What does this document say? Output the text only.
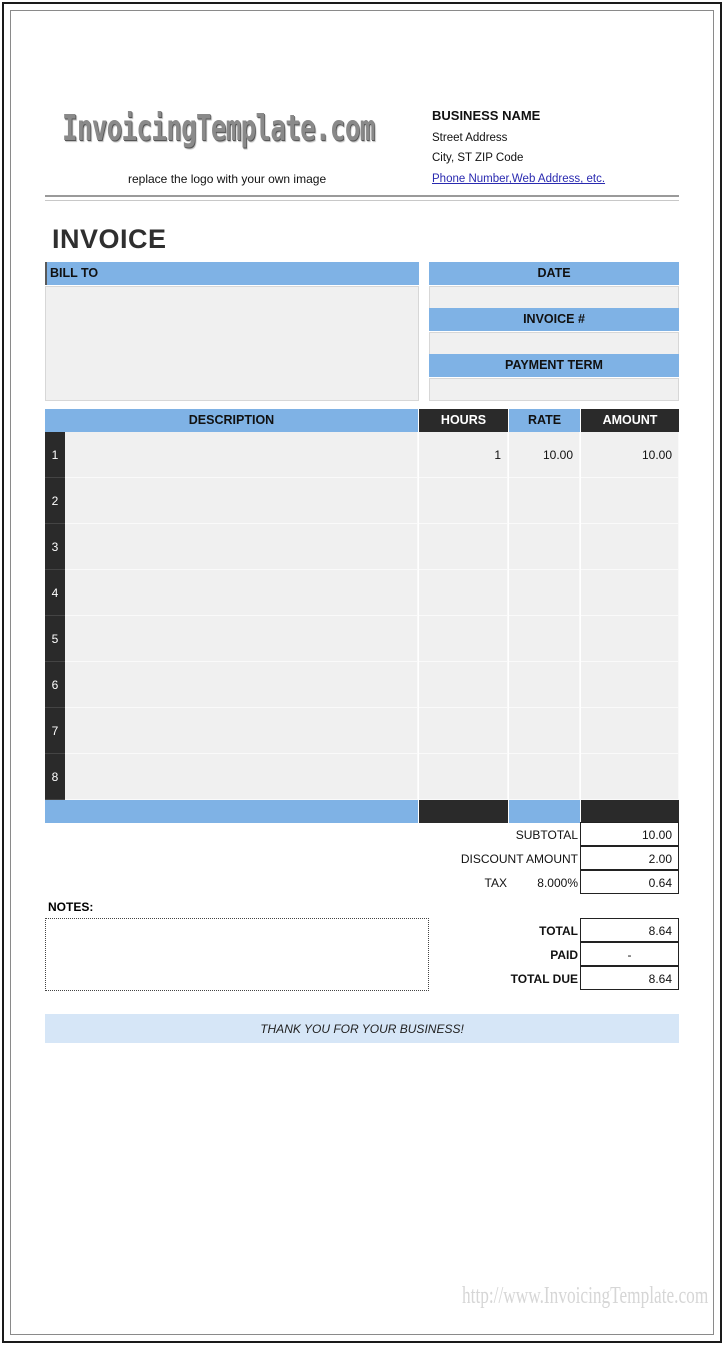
InvoicingTemplate.com
replace the logo with your own image
BUSINESS NAME
Street Address
City, ST ZIP Code
Phone Number,Web Address, etc.
INVOICE
BILL TO	DATE
INVOICE #
PAYMENT TERM
DESCRIPTION	HOURS	RATE	AMOUNT
1	1	10.00	10.00
2
3
4
5
6
7
8
SUBTOTAL	10.00
DISCOUNT AMOUNT	2.00
TAX	8.000%	0.64
NOTES:
TOTAL	8.64
PAID	-
TOTAL DUE	8.64
THANK YOU FOR YOUR BUSINESS!
http://www.InvoicingTemplate.com
